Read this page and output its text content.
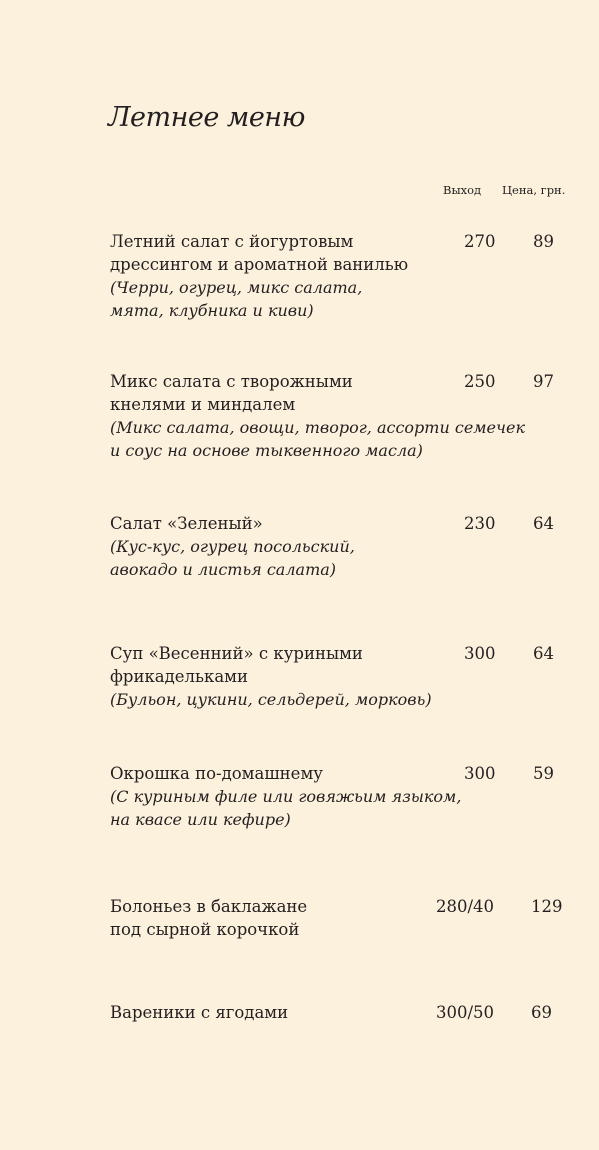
Летнее меню
Выход Цена, грн.
Летний салат с йогуртовым
дрессингом и ароматной ванилью
(Черри, огурец, микс салата,
мята, клубника и киви)
270 89
Микс салата с творожными
кнелями и миндалем
(Микс салата, овощи, творог, ассорти семечек
и соус на основе тыквенного масла)
250 97
Салат «Зеленый»
(Кус-кус, огурец посольский,
авокадо и листья салата)
230 64
Суп «Весенний» с куриными
фрикадельками
(Бульон, цукини, сельдерей, морковь)
300 64
Окрошка по-домашнему
(С куриным филе или говяжьим языком,
на квасе или кефире)
300 59
Болоньез в баклажане
под сырной корочкой
280/40 129
Вареники с ягодами	300/50 69
